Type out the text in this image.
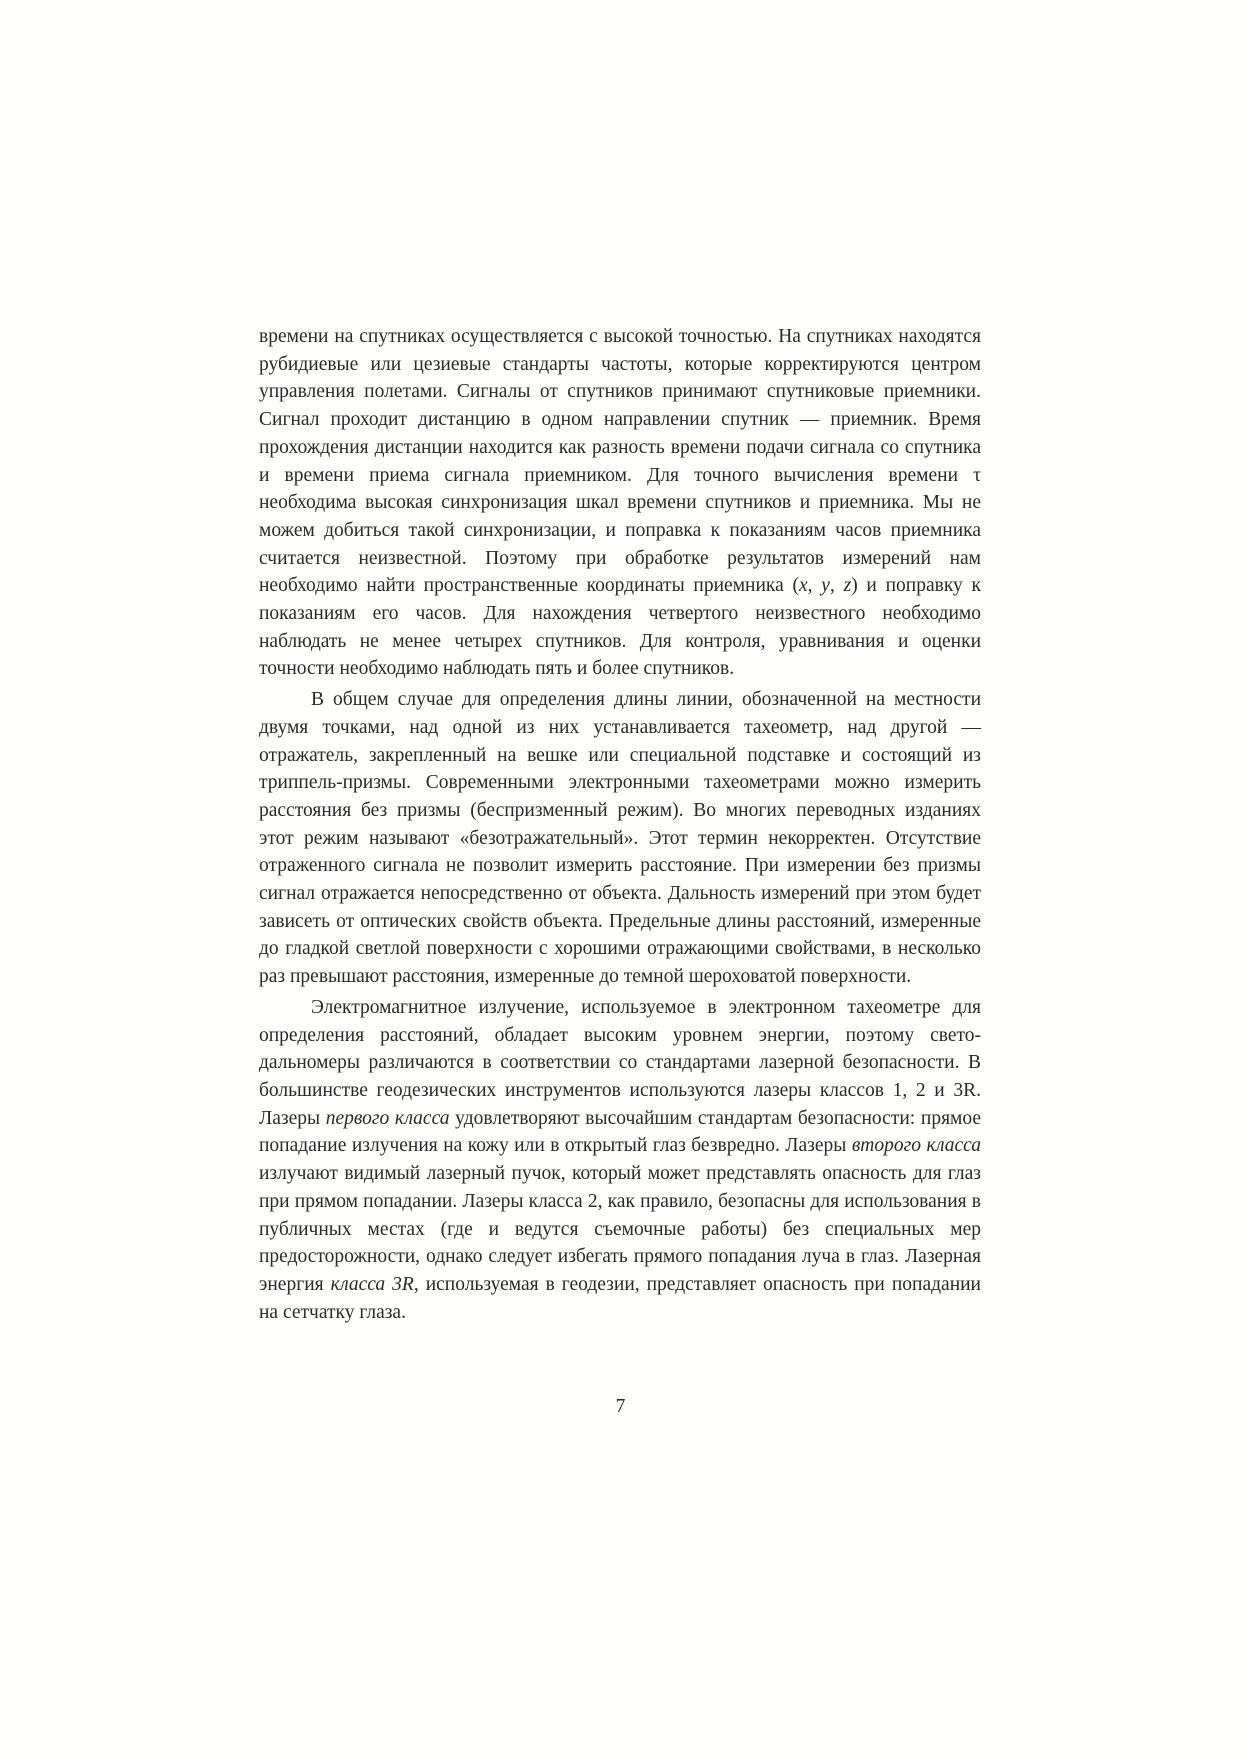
времени на спутниках осуществляется с высокой точностью. На спутниках находятся рубидиевые или цезиевые стандарты частоты, которые корректируются центром управления полетами. Сигналы от спутников принимают спутниковые приемники. Сигнал проходит дистанцию в одном направлении спутник — приемник. Время прохождения дистанции находится как разность времени подачи сигнала со спутника и времени приема сигнала приемником. Для точного вычисления времени τ необходима высокая синхронизация шкал времени спутников и приемника. Мы не можем добиться такой синхронизации, и поправка к показаниям часов приемника считается неизвестной. Поэтому при обработке результатов измерений нам необходимо найти пространственные координаты приемника (x, y, z) и поправку к показаниям его часов. Для нахождения четвертого неизвестного необходимо наблюдать не менее четырех спутников. Для контроля, уравнивания и оценки точности необходимо наблюдать пять и более спутников.

В общем случае для определения длины линии, обозначенной на местности двумя точками, над одной из них устанавливается тахеометр, над другой — отражатель, закрепленный на вешке или специальной подставке и состоящий из триппель-призмы. Современными электронными тахеометрами можно измерить расстояния без призмы (беспризменный режим). Во многих переводных изданиях этот режим называют «безотражательный». Этот термин некорректен. Отсутствие отраженного сигнала не позволит измерить расстояние. При измерении без призмы сигнал отражается непосредственно от объекта. Дальность измерений при этом будет зависеть от оптических свойств объекта. Предельные длины расстояний, измеренные до гладкой светлой поверхности с хорошими отражающими свойствами, в несколько раз превышают расстояния, измеренные до темной шероховатой поверхности.

Электромагнитное излучение, используемое в электронном тахеометре для определения расстояний, обладает высоким уровнем энергии, поэтому светодальномеры различаются в соответствии со стандартами лазерной безопасности. В большинстве геодезических инструментов используются лазеры классов 1, 2 и 3R. Лазеры первого класса удовлетворяют высочайшим стандартам безопасности: прямое попадание излучения на кожу или в открытый глаз безвредно. Лазеры второго класса излучают видимый лазерный пучок, который может представлять опасность для глаз при прямом попадании. Лазеры класса 2, как правило, безопасны для использования в публичных местах (где и ведутся съемочные работы) без специальных мер предосторожности, однако следует избегать прямого попадания луча в глаз. Лазерная энергия класса 3R, используемая в геодезии, представляет опасность при попадании на сетчатку глаза.

7
